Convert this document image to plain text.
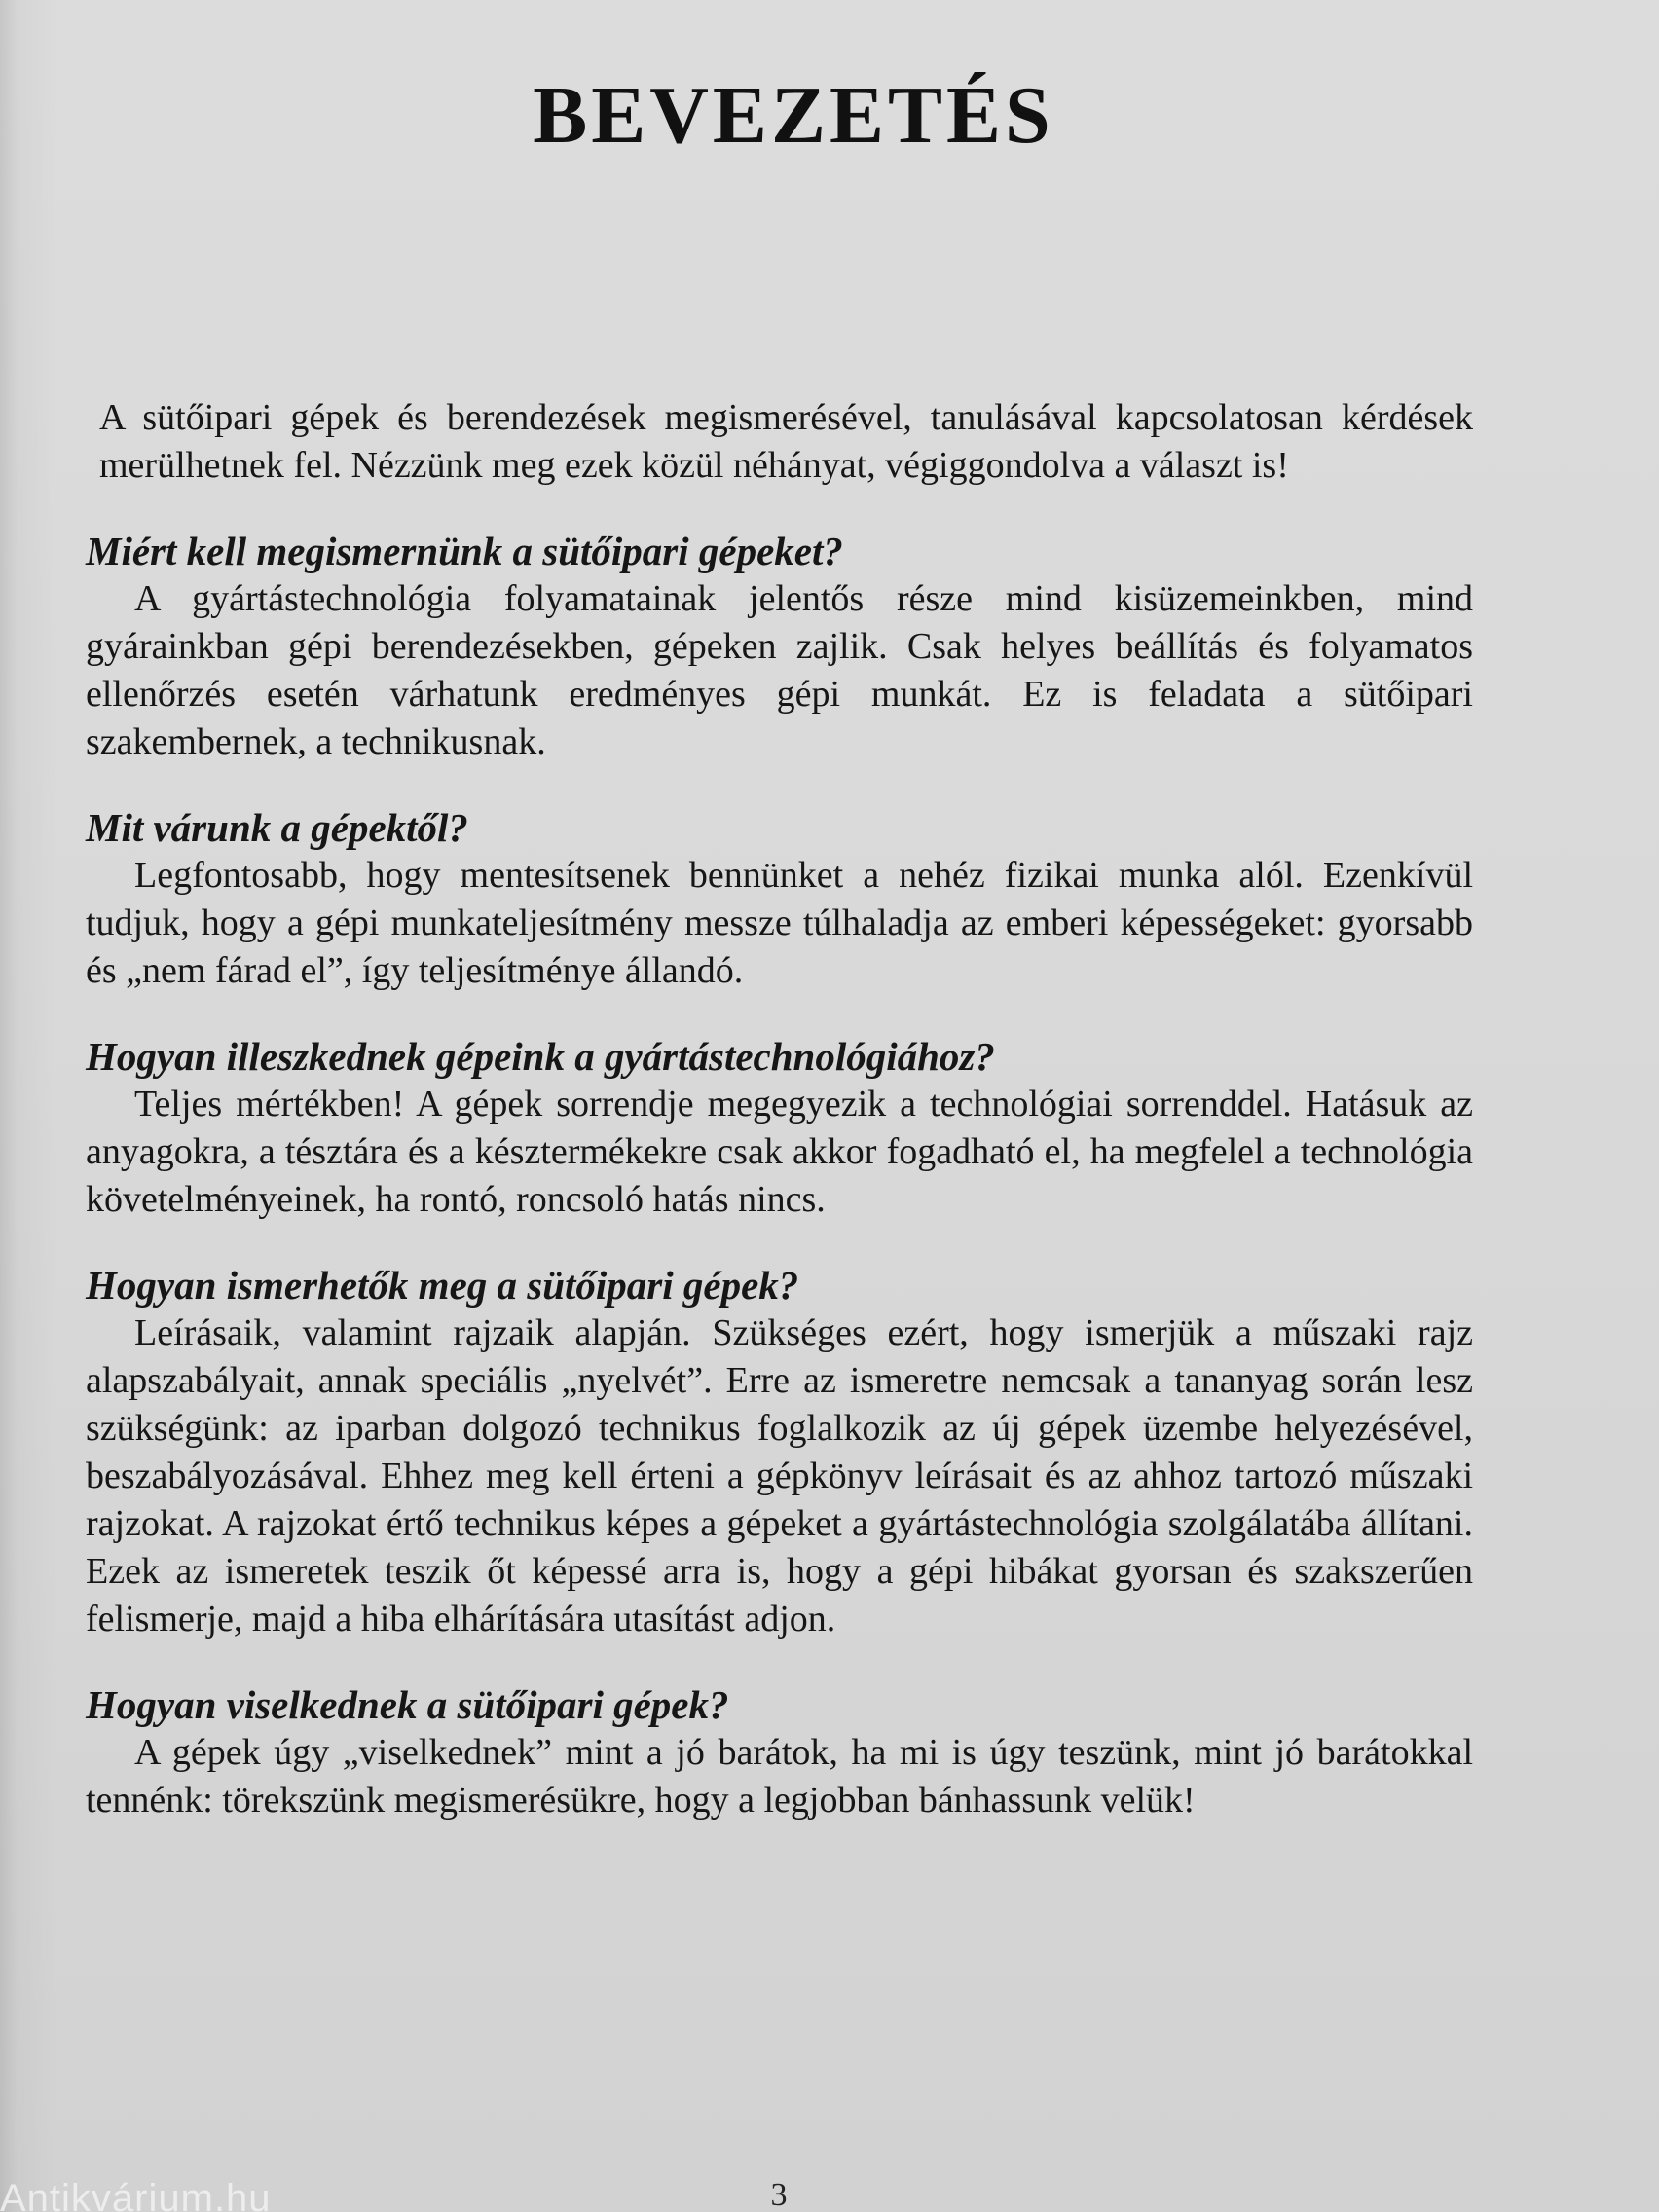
BEVEZETÉS

A sütőipari gépek és berendezések megismerésével, tanulásával kapcsolatosan kérdések merülhetnek fel. Nézzünk meg ezek közül néhányat, végiggondolva a választ is!

Miért kell megismernünk a sütőipari gépeket?

A gyártástechnológia folyamatainak jelentős része mind kisüzemeinkben, mind gyárainkban gépi berendezésekben, gépeken zajlik. Csak helyes beállítás és folyamatos ellenőrzés esetén várhatunk eredményes gépi munkát. Ez is feladata a sütőipari szakembernek, a technikusnak.

Mit várunk a gépektől?

Legfontosabb, hogy mentesítsenek bennünket a nehéz fizikai munka alól. Ezenkívül tudjuk, hogy a gépi munkateljesítmény messze túlhaladja az emberi képességeket: gyorsabb és „nem fárad el”, így teljesítménye állandó.

Hogyan illeszkednek gépeink a gyártástechnológiához?

Teljes mértékben! A gépek sorrendje megegyezik a technológiai sorrenddel. Hatásuk az anyagokra, a tésztára és a késztermékekre csak akkor fogadható el, ha megfelel a technológia követelményeinek, ha rontó, roncsoló hatás nincs.

Hogyan ismerhetők meg a sütőipari gépek?

Leírásaik, valamint rajzaik alapján. Szükséges ezért, hogy ismerjük a műszaki rajz alapszabályait, annak speciális „nyelvét”. Erre az ismeretre nemcsak a tananyag során lesz szükségünk: az iparban dolgozó technikus foglalkozik az új gépek üzembe helyezésével, beszabályozásával. Ehhez meg kell érteni a gépkönyv leírásait és az ahhoz tartozó műszaki rajzokat. A rajzokat értő technikus képes a gépeket a gyártástechnológia szolgálatába állítani. Ezek az ismeretek teszik őt képessé arra is, hogy a gépi hibákat gyorsan és szakszerűen felismerje, majd a hiba elhárítására utasítást adjon.

Hogyan viselkednek a sütőipari gépek?

A gépek úgy „viselkednek” mint a jó barátok, ha mi is úgy teszünk, mint jó barátokkal tennénk: törekszünk megismerésükre, hogy a legjobban bánhassunk velük!

Antikvárium.hu	3
